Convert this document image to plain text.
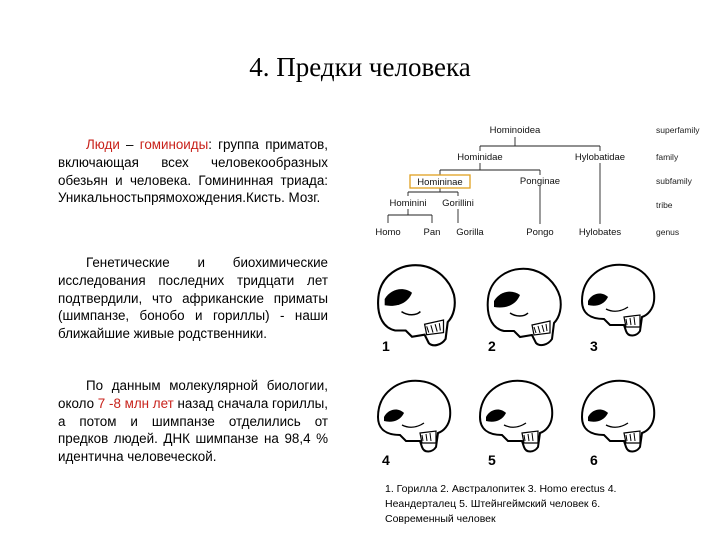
4. Предки человека
Люди – гоминоиды: группа приматов, включающая всех человекообразных обезьян и человека. Гомининная триада: Уникальностьпрямохождения.Кисть. Мозг.
Генетические и биохимические исследования последних тридцати лет подтвердили, что африканские приматы (шимпанзе, бонобо и гориллы) - наши ближайшие живые родственники.
По данным молекулярной биологии, около 7 -8 млн лет назад сначала гориллы, а потом и шимпанзе отделились от предков людей. ДНК шимпанзе на 98,4 % идентична человеческой.
Hominoidea
Hominidae	Hylobatidae
Homininae	Ponginae
Hominini Gorillini
Homo Pan Gorilla	Pongo	Hylobates
superfamily
family
subfamily
tribe
genus
1	2	3
4	5	6
1. Горилла 2. Австралопитек 3. Homo erectus 4. Неандерталец 5. Штейнгеймский человек 6. Современный человек
